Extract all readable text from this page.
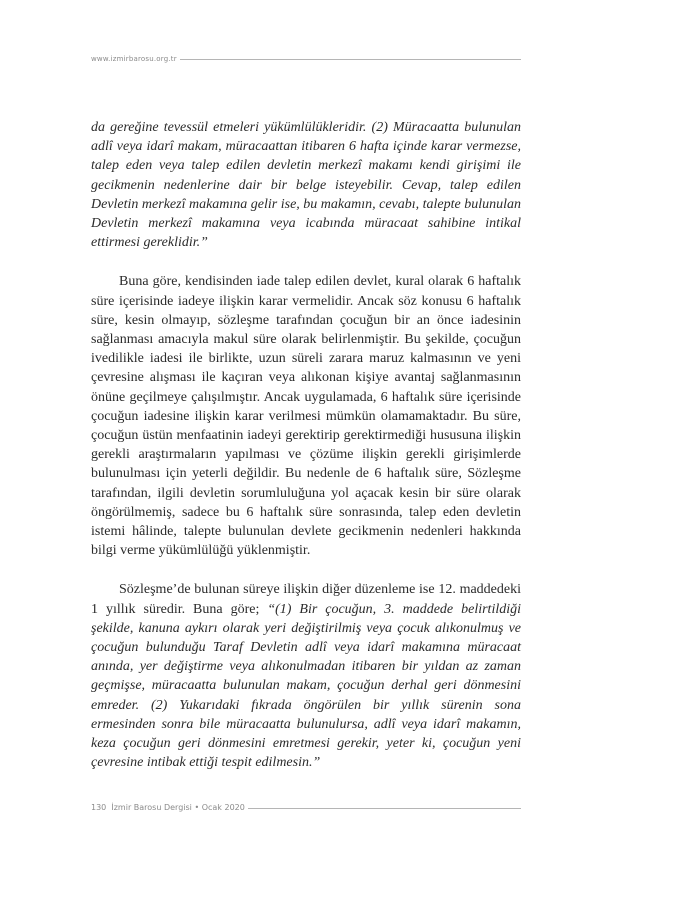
www.izmirbarosu.org.tr

da gereğine tevessül etmeleri yükümlülükleridir. (2) Müracaatta bulunulan adlî veya idarî makam, müracaattan itibaren 6 hafta içinde karar vermezse, talep eden veya talep edilen devletin merkezî makamı kendi girişimi ile gecikmenin nedenlerine dair bir belge isteyebilir. Cevap, talep edilen Devletin merkezî makamına gelir ise, bu makamın, cevabı, talepte bulunulan Devletin merkezî makamına veya icabında müracaat sahibine intikal ettirmesi gereklidir.”

Buna göre, kendisinden iade talep edilen devlet, kural olarak 6 haftalık süre içerisinde iadeye ilişkin karar vermelidir. Ancak söz konusu 6 haftalık süre, kesin olmayıp, sözleşme tarafından çocuğun bir an önce iadesinin sağlanması amacıyla makul süre olarak belirlenmiştir. Bu şekilde, çocuğun ivedilikle iadesi ile birlikte, uzun süreli zarara maruz kalmasının ve yeni çevresine alışması ile kaçıran veya alıkonan kişiye avantaj sağlanmasının önüne geçilmeye çalışılmıştır. Ancak uygulamada, 6 haftalık süre içerisinde çocuğun iadesine ilişkin karar verilmesi mümkün olamamaktadır. Bu süre, çocuğun üstün menfaatinin iadeyi gerektirip gerektirmediği hususuna ilişkin gerekli araştırmaların yapılması ve çözüme ilişkin gerekli girişimlerde bulunulması için yeterli değildir. Bu nedenle de 6 haftalık süre, Sözleşme tarafından, ilgili devletin sorumluluğuna yol açacak kesin bir süre olarak öngörülmemiş, sadece bu 6 haftalık süre sonrasında, talep eden devletin istemi hâlinde, talepte bulunulan devlete gecikmenin nedenleri hakkında bilgi verme yükümlülüğü yüklenmiştir.

Sözleşme’de bulunan süreye ilişkin diğer düzenleme ise 12. maddedeki 1 yıllık süredir. Buna göre; “(1) Bir çocuğun, 3. maddede belirtildiği şekilde, kanuna aykırı olarak yeri değiştirilmiş veya çocuk alıkonulmuş ve çocuğun bulunduğu Taraf Devletin adlî veya idarî makamına müracaat anında, yer değiştirme veya alıkonulmadan itibaren bir yıldan az zaman geçmişse, müracaatta bulunulan makam, çocuğun derhal geri dönmesini emreder. (2) Yukarıdaki fıkrada öngörülen bir yıllık sürenin sona ermesinden sonra bile müracaatta bulunulursa, adlî veya idarî makamın, keza çocuğun geri dönmesini emretmesi gerekir, yeter ki, çocuğun yeni çevresine intibak ettiği tespit edilmesin.”

130 İzmir Barosu Dergisi • Ocak 2020
